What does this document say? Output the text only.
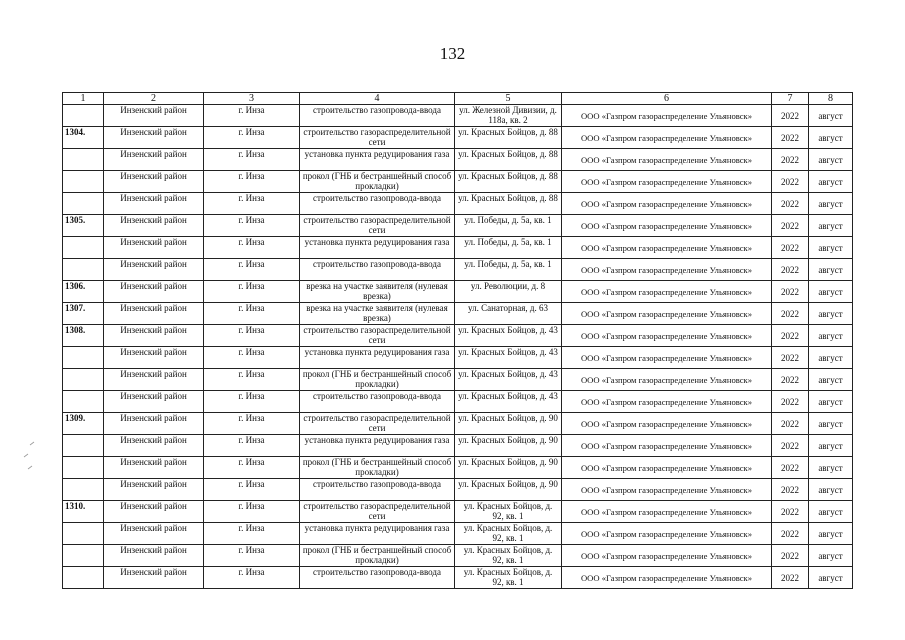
132
1	2	3	4	5	6	7	8
	Инзенский район	г. Инза	строительство газопровода-ввода	ул. Железной Дивизии, д. 118а, кв. 2	ООО «Газпром газораспределение Ульяновск»	2022	август
1304.	Инзенский район	г. Инза	строительство газораспределительной сети	ул. Красных Бойцов, д. 88	ООО «Газпром газораспределение Ульяновск»	2022	август
	Инзенский район	г. Инза	установка пункта редуцирования газа	ул. Красных Бойцов, д. 88	ООО «Газпром газораспределение Ульяновск»	2022	август
	Инзенский район	г. Инза	прокол (ГНБ и бестраншейный способ прокладки)	ул. Красных Бойцов, д. 88	ООО «Газпром газораспределение Ульяновск»	2022	август
	Инзенский район	г. Инза	строительство газопровода-ввода	ул. Красных Бойцов, д. 88	ООО «Газпром газораспределение Ульяновск»	2022	август
1305.	Инзенский район	г. Инза	строительство газораспределительной сети	ул. Победы, д. 5а, кв. 1	ООО «Газпром газораспределение Ульяновск»	2022	август
	Инзенский район	г. Инза	установка пункта редуцирования газа	ул. Победы, д. 5а, кв. 1	ООО «Газпром газораспределение Ульяновск»	2022	август
	Инзенский район	г. Инза	строительство газопровода-ввода	ул. Победы, д. 5а, кв. 1	ООО «Газпром газораспределение Ульяновск»	2022	август
1306.	Инзенский район	г. Инза	врезка на участке заявителя (нулевая врезка)	ул. Революции, д. 8	ООО «Газпром газораспределение Ульяновск»	2022	август
1307.	Инзенский район	г. Инза	врезка на участке заявителя (нулевая врезка)	ул. Санаторная, д. 63	ООО «Газпром газораспределение Ульяновск»	2022	август
1308.	Инзенский район	г. Инза	строительство газораспределительной сети	ул. Красных Бойцов, д. 43	ООО «Газпром газораспределение Ульяновск»	2022	август
	Инзенский район	г. Инза	установка пункта редуцирования газа	ул. Красных Бойцов, д. 43	ООО «Газпром газораспределение Ульяновск»	2022	август
	Инзенский район	г. Инза	прокол (ГНБ и бестраншейный способ прокладки)	ул. Красных Бойцов, д. 43	ООО «Газпром газораспределение Ульяновск»	2022	август
	Инзенский район	г. Инза	строительство газопровода-ввода	ул. Красных Бойцов, д. 43	ООО «Газпром газораспределение Ульяновск»	2022	август
1309.	Инзенский район	г. Инза	строительство газораспределительной сети	ул. Красных Бойцов, д. 90	ООО «Газпром газораспределение Ульяновск»	2022	август
	Инзенский район	г. Инза	установка пункта редуцирования газа	ул. Красных Бойцов, д. 90	ООО «Газпром газораспределение Ульяновск»	2022	август
	Инзенский район	г. Инза	прокол (ГНБ и бестраншейный способ прокладки)	ул. Красных Бойцов, д. 90	ООО «Газпром газораспределение Ульяновск»	2022	август
	Инзенский район	г. Инза	строительство газопровода-ввода	ул. Красных Бойцов, д. 90	ООО «Газпром газораспределение Ульяновск»	2022	август
1310.	Инзенский район	г. Инза	строительство газораспределительной сети	ул. Красных Бойцов, д. 92, кв. 1	ООО «Газпром газораспределение Ульяновск»	2022	август
	Инзенский район	г. Инза	установка пункта редуцирования газа	ул. Красных Бойцов, д. 92, кв. 1	ООО «Газпром газораспределение Ульяновск»	2022	август
	Инзенский район	г. Инза	прокол (ГНБ и бестраншейный способ прокладки)	ул. Красных Бойцов, д. 92, кв. 1	ООО «Газпром газораспределение Ульяновск»	2022	август
	Инзенский район	г. Инза	строительство газопровода-ввода	ул. Красных Бойцов, д. 92, кв. 1	ООО «Газпром газораспределение Ульяновск»	2022	август
